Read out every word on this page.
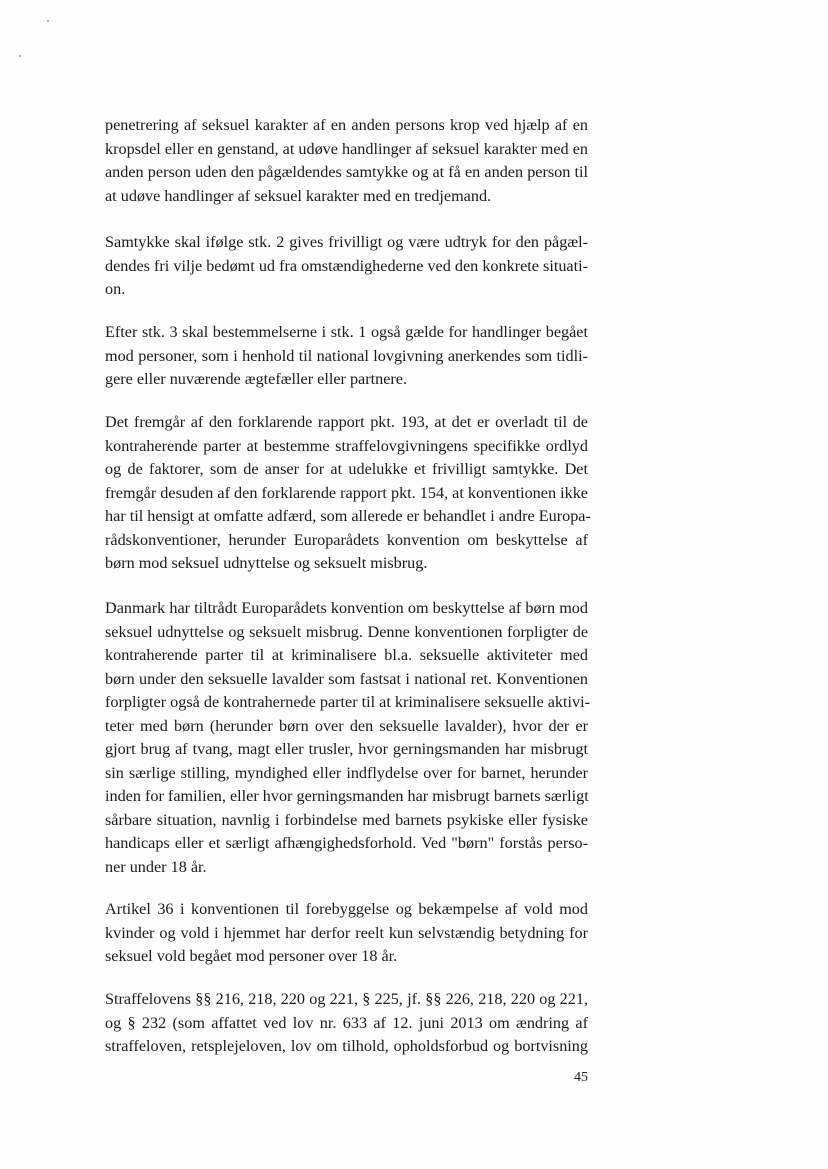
penetrering af seksuel karakter af en anden persons krop ved hjælp af en
kropsdel eller en genstand, at udøve handlinger af seksuel karakter med en
anden person uden den pågældendes samtykke og at få en anden person til
at udøve handlinger af seksuel karakter med en tredjemand.

Samtykke skal ifølge stk. 2 gives frivilligt og være udtryk for den pågæl-
dendes fri vilje bedømt ud fra omstændighederne ved den konkrete situati-
on.

Efter stk. 3 skal bestemmelserne i stk. 1 også gælde for handlinger begået
mod personer, som i henhold til national lovgivning anerkendes som tidli-
gere eller nuværende ægtefæller eller partnere.

Det fremgår af den forklarende rapport pkt. 193, at det er overladt til de
kontraherende parter at bestemme straffelovgivningens specifikke ordlyd
og de faktorer, som de anser for at udelukke et frivilligt samtykke. Det
fremgår desuden af den forklarende rapport pkt. 154, at konventionen ikke
har til hensigt at omfatte adfærd, som allerede er behandlet i andre Europa-
rådskonventioner, herunder Europarådets konvention om beskyttelse af
børn mod seksuel udnyttelse og seksuelt misbrug.

Danmark har tiltrådt Europarådets konvention om beskyttelse af børn mod
seksuel udnyttelse og seksuelt misbrug. Denne konventionen forpligter de
kontraherende parter til at kriminalisere bl.a. seksuelle aktiviteter med
børn under den seksuelle lavalder som fastsat i national ret. Konventionen
forpligter også de kontrahernede parter til at kriminalisere seksuelle aktivi-
teter med børn (herunder børn over den seksuelle lavalder), hvor der er
gjort brug af tvang, magt eller trusler, hvor gerningsmanden har misbrugt
sin særlige stilling, myndighed eller indflydelse over for barnet, herunder
inden for familien, eller hvor gerningsmanden har misbrugt barnets særligt
sårbare situation, navnlig i forbindelse med barnets psykiske eller fysiske
handicaps eller et særligt afhængighedsforhold. Ved "børn" forstås perso-
ner under 18 år.

Artikel 36 i konventionen til forebyggelse og bekæmpelse af vold mod
kvinder og vold i hjemmet har derfor reelt kun selvstændig betydning for
seksuel vold begået mod personer over 18 år.

Straffelovens §§ 216, 218, 220 og 221, § 225, jf. §§ 226, 218, 220 og 221,
og § 232 (som affattet ved lov nr. 633 af 12. juni 2013 om ændring af
straffeloven, retsplejeloven, lov om tilhold, opholdsforbud og bortvisning

45
